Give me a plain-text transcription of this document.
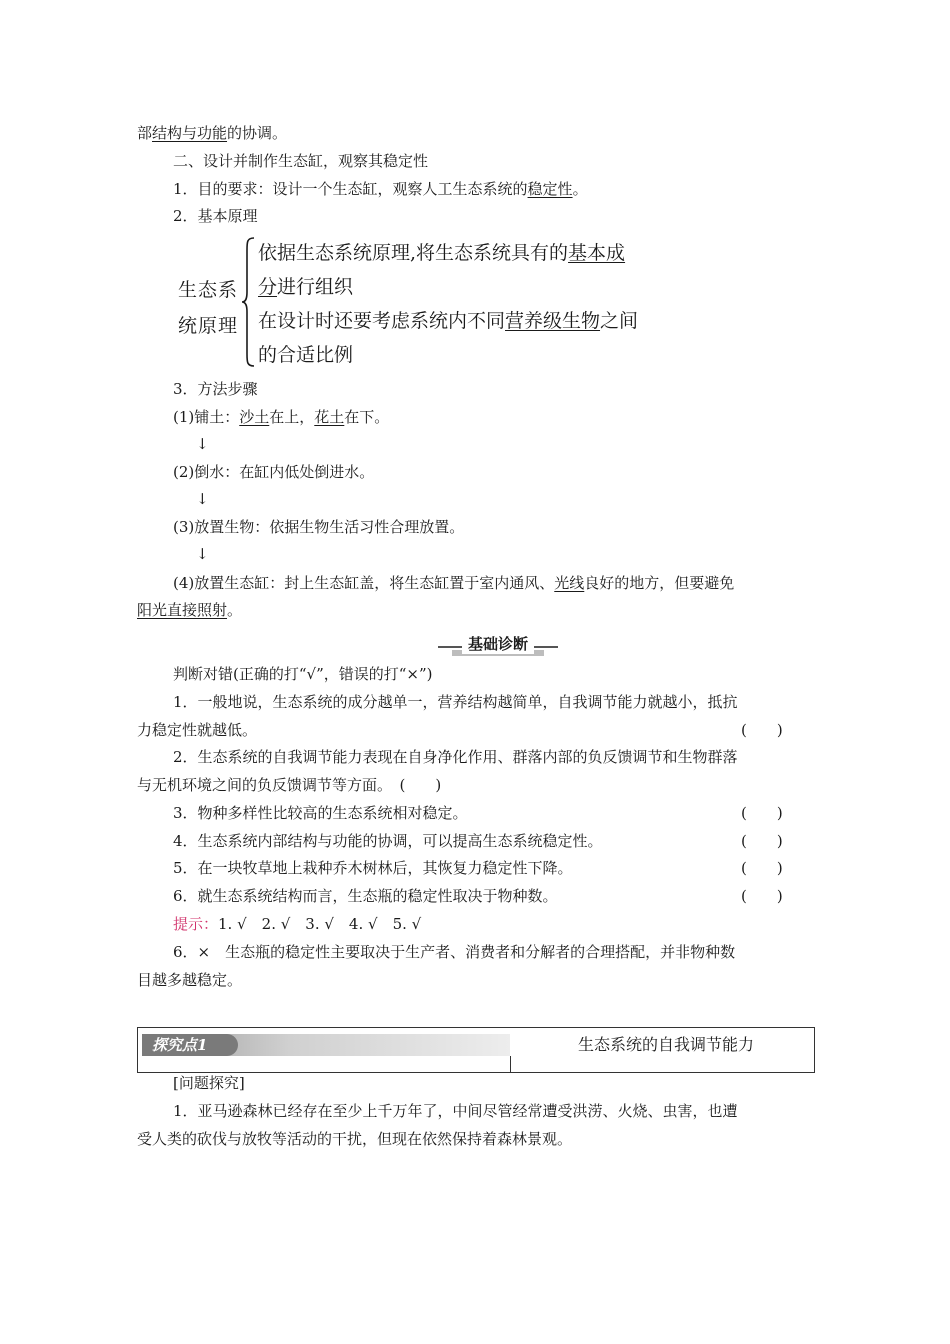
部结构与功能的协调。
二、设计并制作生态缸，观察其稳定性
1．目的要求：设计一个生态缸，观察人工生态系统的稳定性。
2．基本原理
生态系
统原理
依据生态系统原理,将生态系统具有的基本成
分进行组织
在设计时还要考虑系统内不同营养级生物之间
的合适比例
3．方法步骤
(1)铺土：沙土在上，花土在下。
↓
(2)倒水：在缸内低处倒进水。
↓
(3)放置生物：依据生物生活习性合理放置。
↓
(4)放置生态缸：封上生态缸盖，将生态缸置于室内通风、光线良好的地方，但要避免
阳光直接照射。
基础诊断
判断对错(正确的打“√”，错误的打“×”)
1．一般地说，生态系统的成分越单一，营养结构越简单，自我调节能力就越小，抵抗
力稳定性就越低。	(　　)
2．生态系统的自我调节能力表现在自身净化作用、群落内部的负反馈调节和生物群落
与无机环境之间的负反馈调节等方面。　(　　)
3．物种多样性比较高的生态系统相对稳定。	(　　)
4．生态系统内部结构与功能的协调，可以提高生态系统稳定性。	(　　)
5．在一块牧草地上栽种乔木树林后，其恢复力稳定性下降。	(　　)
6．就生态系统结构而言，生态瓶的稳定性取决于物种数。	(　　)
提示：1. √　2. √　3. √　4. √　5. √
6．×　生态瓶的稳定性主要取决于生产者、消费者和分解者的合理搭配，并非物种数
目越多越稳定。
探究点1	生态系统的自我调节能力
[问题探究]
1．亚马逊森林已经存在至少上千万年了，中间尽管经常遭受洪涝、火烧、虫害，也遭
受人类的砍伐与放牧等活动的干扰，但现在依然保持着森林景观。
